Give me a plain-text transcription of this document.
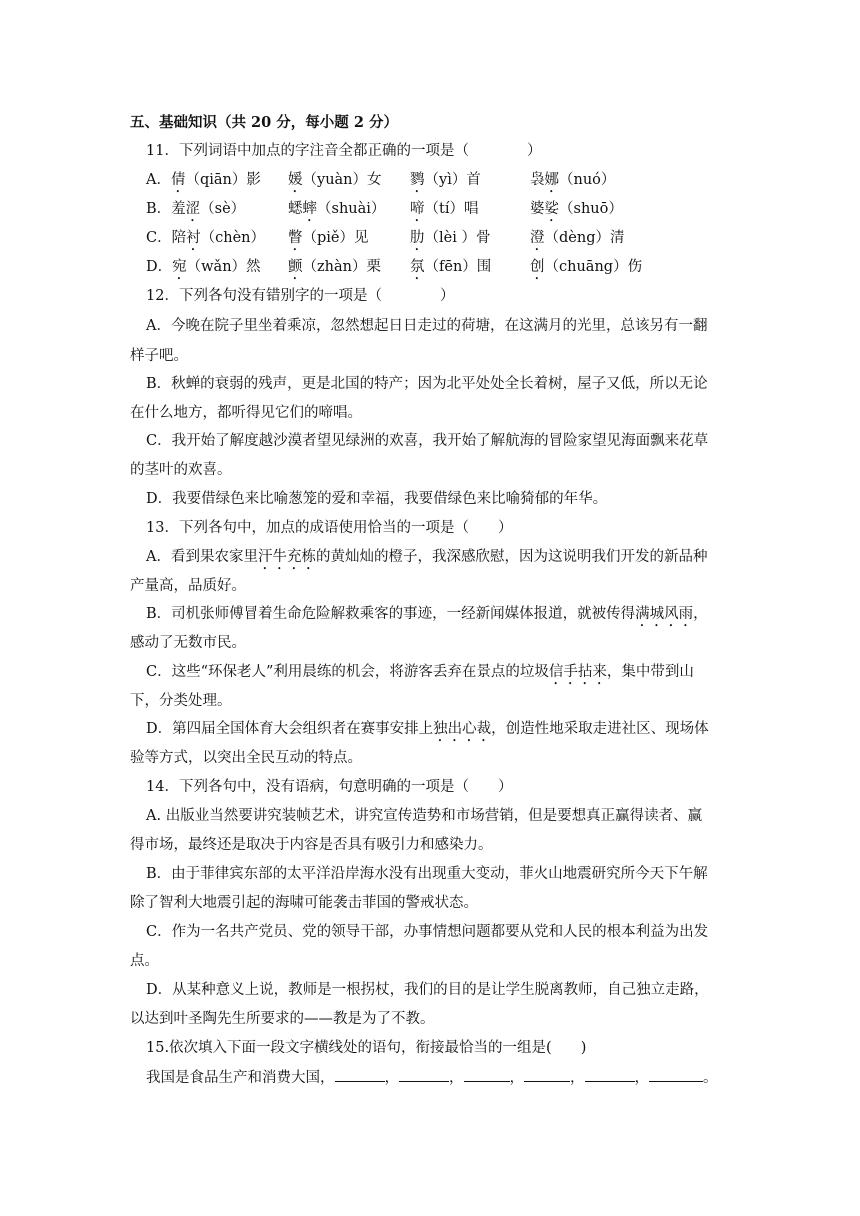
五、基础知识（共 20 分，每小题 2 分）
11．下列词语中加点的字注音全都正确的一项是（　　　　）
A．倩（qiān）影 媛（yuàn）女 鹨（yì）首	袅娜（nuó）
B．羞涩（sè）	蟋蟀（shuài） 啼（tí）唱	婆娑（shuō）
C．陪衬（chèn） 瞥（piě）见	肋（lèi ）骨	澄（dèng）清
D．宛（wǎn）然 颤（zhàn）栗 氛（fēn）围	创（chuāng）伤
12．下列各句没有错别字的一项是（　　　　）
A．今晚在院子里坐着乘凉，忽然想起日日走过的荷塘，在这满月的光里，总该另有一翻
样子吧。
B．秋蝉的衰弱的残声，更是北国的特产；因为北平处处全长着树，屋子又低，所以无论
在什么地方，都听得见它们的啼唱。
C．我开始了解度越沙漠者望见绿洲的欢喜，我开始了解航海的冒险家望见海面飘来花草
的茎叶的欢喜。
D．我要借绿色来比喻葱笼的爱和幸福，我要借绿色来比喻猗郁的年华。
13．下列各句中，加点的成语使用恰当的一项是（　　）
A．看到果农家里汗牛充栋的黄灿灿的橙子，我深感欣慰，因为这说明我们开发的新品种
产量高，品质好。
B．司机张师傅冒着生命危险解救乘客的事迹，一经新闻媒体报道，就被传得满城风雨，
感动了无数市民。
C．这些“环保老人”利用晨练的机会，将游客丢弃在景点的垃圾信手拈来，集中带到山
下，分类处理。
D．第四届全国体育大会组织者在赛事安排上独出心裁，创造性地采取走进社区、现场体
验等方式，以突出全民互动的特点。
14．下列各句中，没有语病，句意明确的一项是（　　）
A. 出版业当然要讲究装帧艺术，讲究宣传造势和市场营销，但是要想真正赢得读者、赢
得市场，最终还是取决于内容是否具有吸引力和感染力。
B．由于菲律宾东部的太平洋沿岸海水没有出现重大变动，菲火山地震研究所今天下午解
除了智利大地震引起的海啸可能袭击菲国的警戒状态。
C．作为一名共产党员、党的领导干部，办事情想问题都要从党和人民的根本利益为出发
点。
D．从某种意义上说，教师是一根拐杖，我们的目的是让学生脱离教师，自己独立走路，
以达到叶圣陶先生所要求的——教是为了不教。
15.依次填入下面一段文字横线处的语句，衔接最恰当的一组是(　　)
我国是食品生产和消费大国，	，	，	，	，	，	。
